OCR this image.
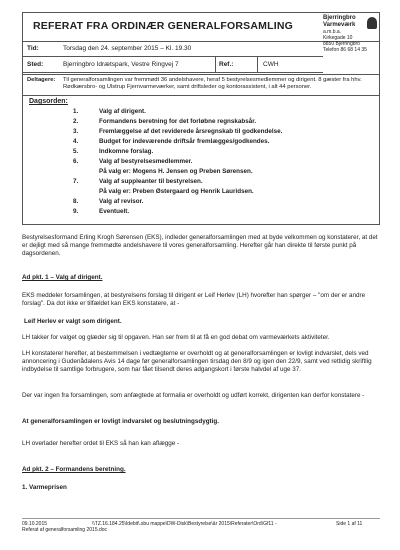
REFERAT FRA ORDINÆR GENERALFORSAMLING
Bjerringbro Varmeværk
a.m.b.a.
Kirkegade 10
8850 Bjerringbro
Telefon 86 68 14 35
Tid:	Torsdag den 24. september 2015 – Kl. 19.30
Sted:	Bjerringbro Idrætspark, Vestre Ringvej 7	Ref.:	CWH
Deltagere: Til generalforsamlingen var fremmødt 36 andelshavere, heraf 5 bestyrelsesmedlemmer og dirigent. 8 gæster fra hhv. Rødkærsbro- og Ulstrup Fjernvarmeværker, samt driftsleder og kontorassistent, i alt 44 personer.
Dagsorden:
1.	Valg af dirigent.
2.	Formandens beretning for det forløbne regnskabsår.
3.	Fremlæggelse af det reviderede årsregnskab til godkendelse.
4.	Budget for indeværende driftsår fremlægges/godkendes.
5.	Indkomne forslag.
6.	Valg af bestyrelsesmedlemmer.
På valg er: Mogens H. Jensen og Preben Sørensen.
7.	Valg af suppleanter til bestyrelsen.
På valg er: Preben Østergaard og Henrik Lauridsen.
8.	Valg af revisor.
9.	Eventuelt.
Bestyrelsesformand Erling Krogh Sørensen (EKS), indleder generalforsamlingen med at byde velkommen og konstaterer, at det er dejligt med så mange fremmødte andelshavere til vores generalforsamling. Herefter går han direkte til første punkt på dagsordenen.
Ad pkt. 1 – Valg af dirigent.
EKS meddeler forsamlingen, at bestyrelsens forslag til dirigent er Leif Herlev (LH) hvorefter han spørger – "om der er andre forslag". Da dot ikke er tilfældet kan EKS konstatere, at -
Leif Herlev er valgt som dirigent.
LH takker for valget og glæder sig til opgaven. Han ser frem til at få en god debat om varmeværkets aktiviteter.
LH konstaterer herefter, at bestemmelsen i vedtægterne er overholdt og at generalforsamlingen er lovligt indvarslet, dels ved annoncering i Gudenådalens Avis 14 dage før generalforsamlingen tirsdag den 8/9 og igen den 22/9, samt ved rettidig skriftlig indbydelse til samtlige forbrugere, som har fået tilsendt deres adgangskort i første halvdel af uge 37.
Der var ingen fra forsamlingen, som anfægtede at formalia er overholdt og udført korrekt, dirigenten kan derfor konstatere -
At generalforsamlingen er lovligt indvarslet og beslutningsdygtig.
LH overlader herefter ordet til EKS så han kan aflægge -
Ad pkt. 2 – Formandens beretning.
1. Varmeprisen
09.10.2015	\\TZ.16.184.25\Idebit\.sbu mappe\DW-Disk\Bestyrelse\år 2015\Referater\Ord\Gf11 -
Referat af generalforsamling 2015.doc
Side 1 af 11
